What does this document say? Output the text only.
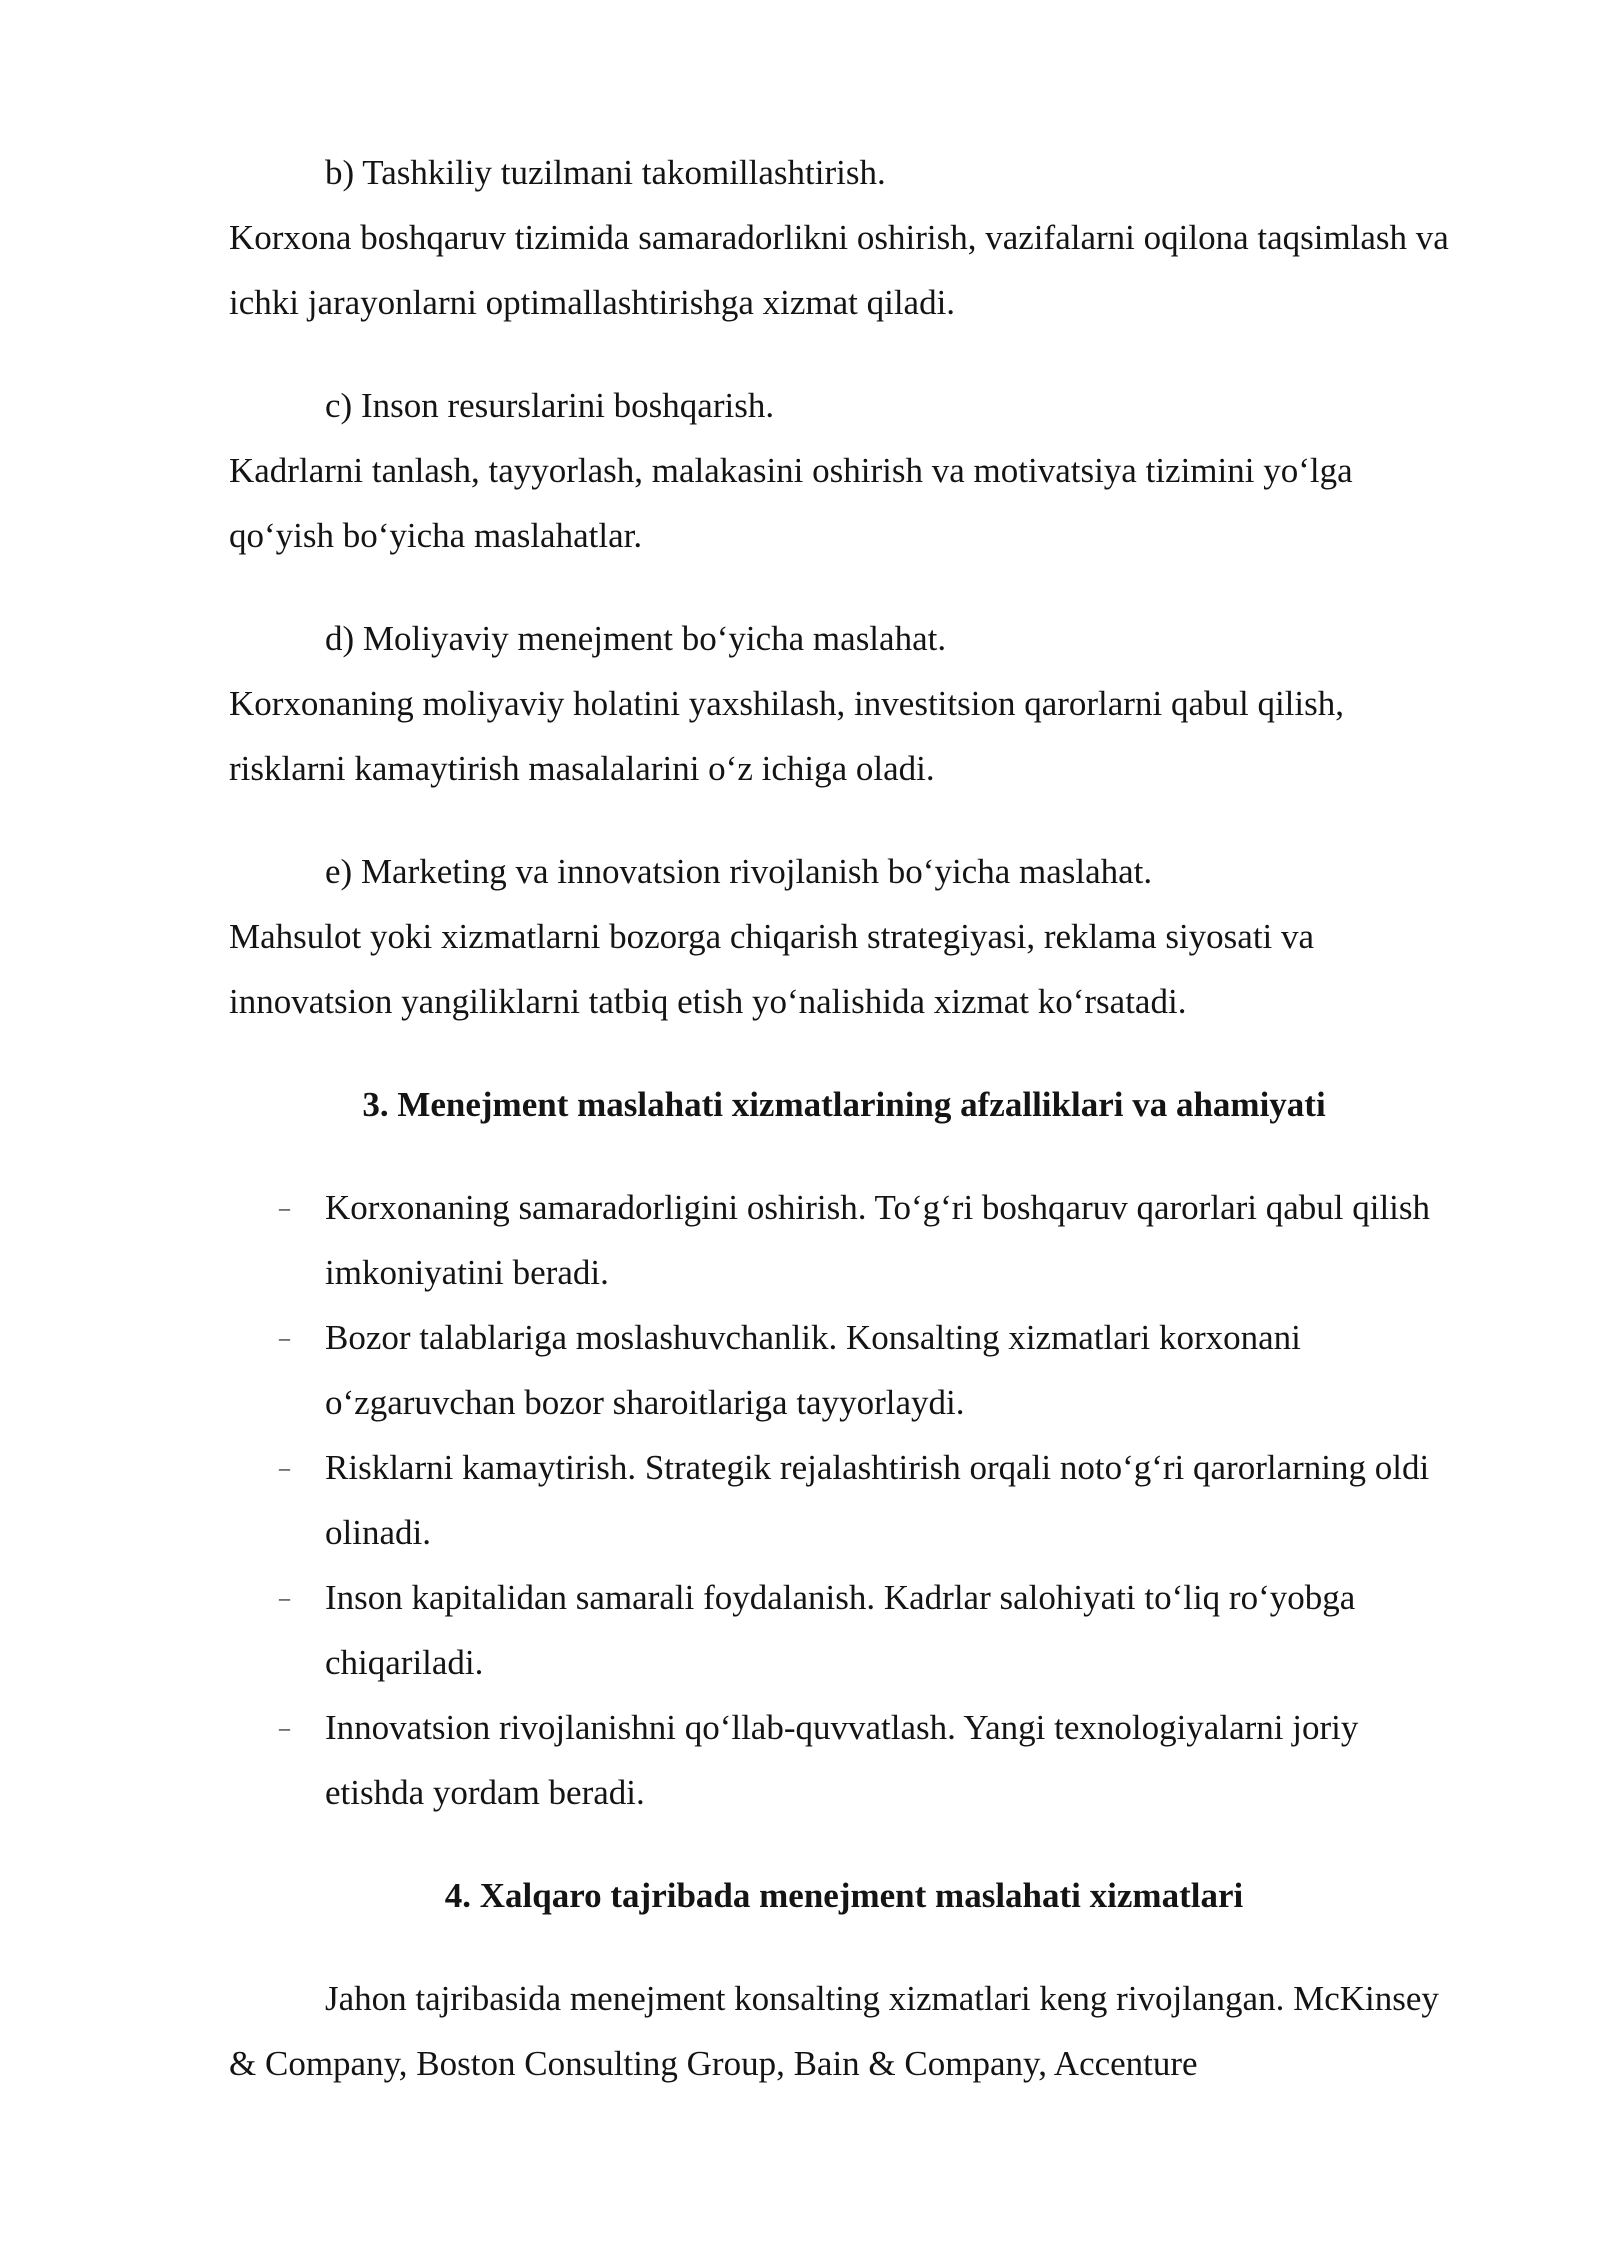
b) Tashkiliy tuzilmani takomillashtirish.

Korxona boshqaruv tizimida samaradorlikni oshirish, vazifalarni oqilona taqsimlash va ichki jarayonlarni optimallashtirishga xizmat qiladi.

c) Inson resurslarini boshqarish.

Kadrlarni tanlash, tayyorlash, malakasini oshirish va motivatsiya tizimini yo‘lga qo‘yish bo‘yicha maslahatlar.

d) Moliyaviy menejment bo‘yicha maslahat.

Korxonaning moliyaviy holatini yaxshilash, investitsion qarorlarni qabul qilish, risklarni kamaytirish masalalarini o‘z ichiga oladi.

e) Marketing va innovatsion rivojlanish bo‘yicha maslahat.

Mahsulot yoki xizmatlarni bozorga chiqarish strategiyasi, reklama siyosati va innovatsion yangiliklarni tatbiq etish yo‘nalishida xizmat ko‘rsatadi.

3. Menejment maslahati xizmatlarining afzalliklari va ahamiyati
– Korxonaning samaradorligini oshirish. To‘g‘ri boshqaruv qarorlari qabul qilish imkoniyatini beradi.
– Bozor talablariga moslashuvchanlik. Konsalting xizmatlari korxonani o‘zgaruvchan bozor sharoitlariga tayyorlaydi.
– Risklarni kamaytirish. Strategik rejalashtirish orqali noto‘g‘ri qarorlarning oldi olinadi.
– Inson kapitalidan samarali foydalanish. Kadrlar salohiyati to‘liq ro‘yobga chiqariladi.
– Innovatsion rivojlanishni qo‘llab-quvvatlash. Yangi texnologiyalarni joriy etishda yordam beradi.
4. Xalqaro tajribada menejment maslahati xizmatlari

Jahon tajribasida menejment konsalting xizmatlari keng rivojlangan. McKinsey & Company, Boston Consulting Group, Bain & Company, Accenture
